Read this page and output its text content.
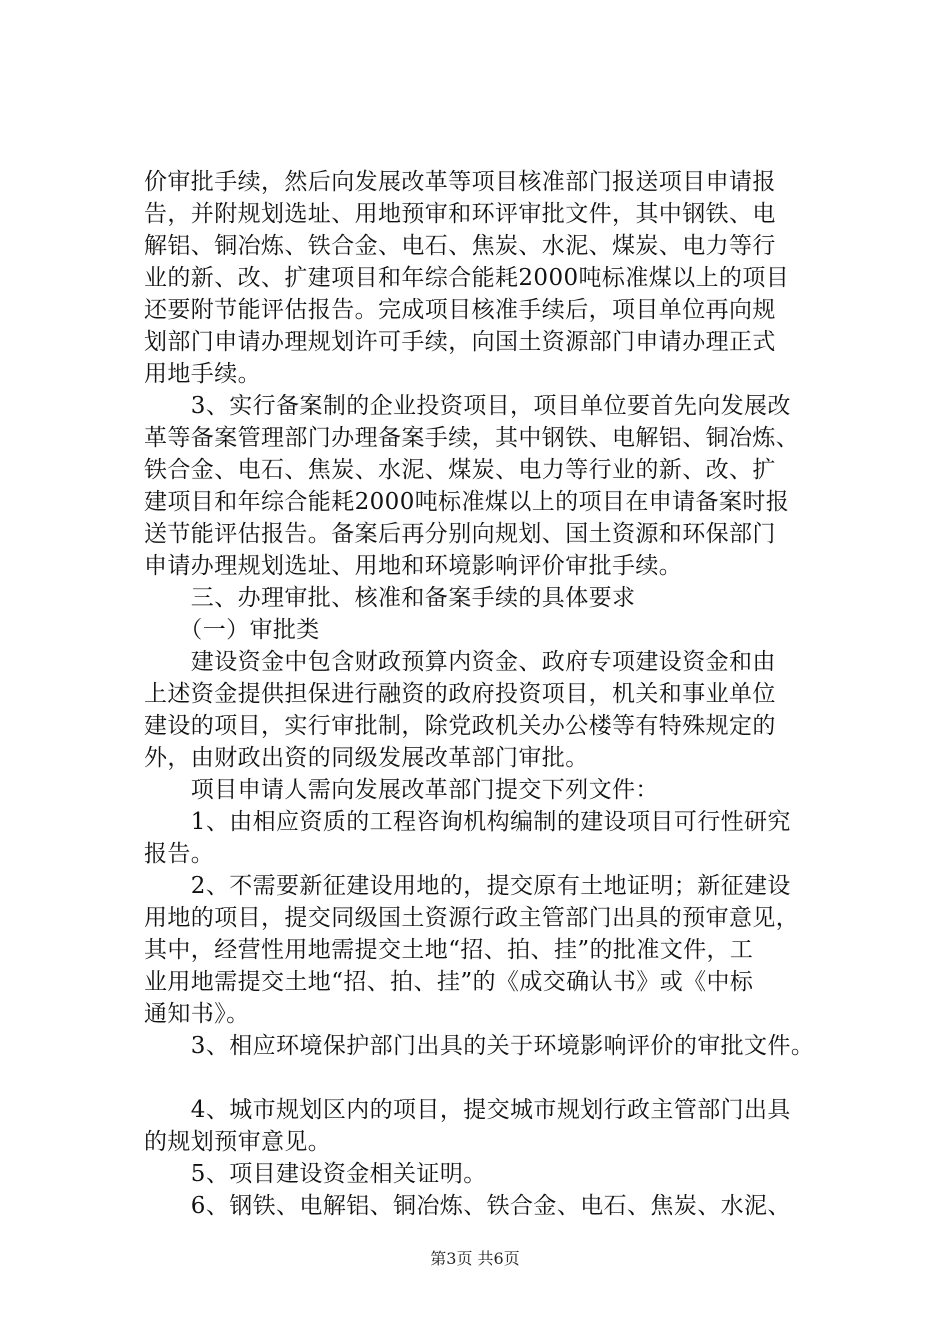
价审批手续，然后向发展改革等项目核准部门报送项目申请报
告，并附规划选址、用地预审和环评审批文件，其中钢铁、电
解铝、铜冶炼、铁合金、电石、焦炭、水泥、煤炭、电力等行
业的新、改、扩建项目和年综合能耗2000吨标准煤以上的项目
还要附节能评估报告。完成项目核准手续后，项目单位再向规
划部门申请办理规划许可手续，向国土资源部门申请办理正式
用地手续。
　　3、实行备案制的企业投资项目，项目单位要首先向发展改
革等备案管理部门办理备案手续，其中钢铁、电解铝、铜冶炼、
铁合金、电石、焦炭、水泥、煤炭、电力等行业的新、改、扩
建项目和年综合能耗2000吨标准煤以上的项目在申请备案时报
送节能评估报告。备案后再分别向规划、国土资源和环保部门
申请办理规划选址、用地和环境影响评价审批手续。
　　三、办理审批、核准和备案手续的具体要求
　　（一）审批类
　　建设资金中包含财政预算内资金、政府专项建设资金和由
上述资金提供担保进行融资的政府投资项目，机关和事业单位
建设的项目，实行审批制，除党政机关办公楼等有特殊规定的
外，由财政出资的同级发展改革部门审批。
　　项目申请人需向发展改革部门提交下列文件：
　　1、由相应资质的工程咨询机构编制的建设项目可行性研究
报告。
　　2、不需要新征建设用地的，提交原有土地证明；新征建设
用地的项目，提交同级国土资源行政主管部门出具的预审意见，
其中，经营性用地需提交土地“招、拍、挂”的批准文件，工
业用地需提交土地“招、拍、挂”的《成交确认书》或《中标
通知书》。
　　3、相应环境保护部门出具的关于环境影响评价的审批文件。
　　4、城市规划区内的项目，提交城市规划行政主管部门出具
的规划预审意见。
　　5、项目建设资金相关证明。
　　6、钢铁、电解铝、铜冶炼、铁合金、电石、焦炭、水泥、
第3页 共6页
